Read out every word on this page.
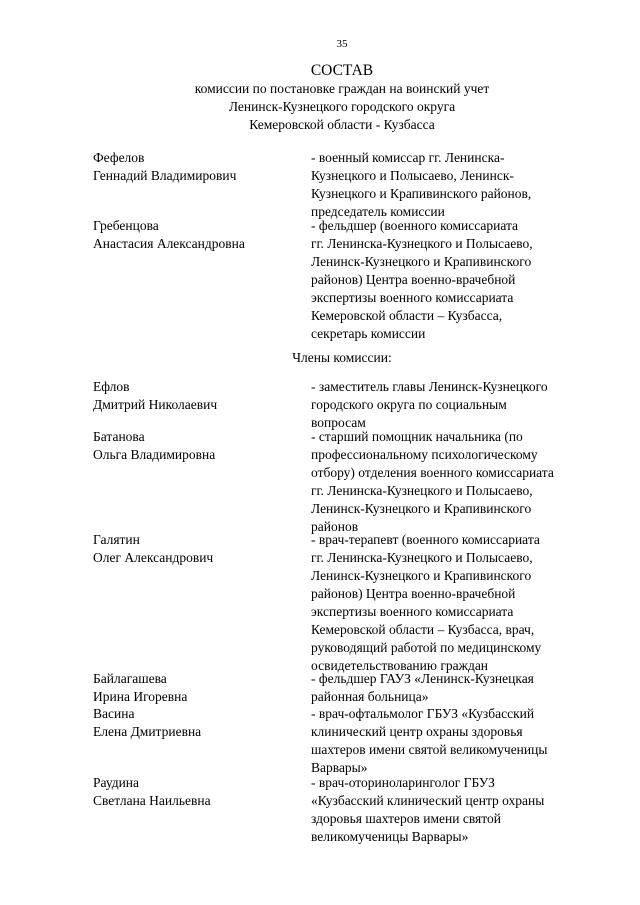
35
СОСТАВ
комиссии по постановке граждан на воинский учет
Ленинск-Кузнецкого городского округа
Кемеровской области - Кузбасса
Фефелов
Геннадий Владимирович
- военный комиссар гг. Ленинска-
Кузнецкого и Полысаево, Ленинск-
Кузнецкого и Крапивинского районов,
председатель комиссии
Гребенцова
Анастасия Александровна
- фельдшер (военного комиссариата
гг. Ленинска-Кузнецкого и Полысаево,
Ленинск-Кузнецкого и Крапивинского
районов) Центра военно-врачебной
экспертизы военного комиссариата
Кемеровской области – Кузбасса,
секретарь комиссии
Члены комиссии:
Ефлов
Дмитрий Николаевич
- заместитель главы Ленинск-Кузнецкого
городского округа по социальным
вопросам
Батанова
Ольга Владимировна
- старший помощник начальника (по
профессиональному психологическому
отбору) отделения военного комиссариата
гг. Ленинска-Кузнецкого и Полысаево,
Ленинск-Кузнецкого и Крапивинского
районов
Галятин
Олег Александрович
- врач-терапевт (военного комиссариата
гг. Ленинска-Кузнецкого и Полысаево,
Ленинск-Кузнецкого и Крапивинского
районов) Центра военно-врачебной
экспертизы военного комиссариата
Кемеровской области – Кузбасса, врач,
руководящий работой по медицинскому
освидетельствованию граждан
Байлагашева
Ирина Игоревна
- фельдшер ГАУЗ «Ленинск-Кузнецкая
районная больница»
Васина
Елена Дмитриевна
- врач-офтальмолог ГБУЗ «Кузбасский
клинический центр охраны здоровья
шахтеров имени святой великомученицы
Варвары»
Раудина
Светлана Наильевна
- врач-оториноларинголог ГБУЗ
«Кузбасский клинический центр охраны
здоровья шахтеров имени святой
великомученицы Варвары»
